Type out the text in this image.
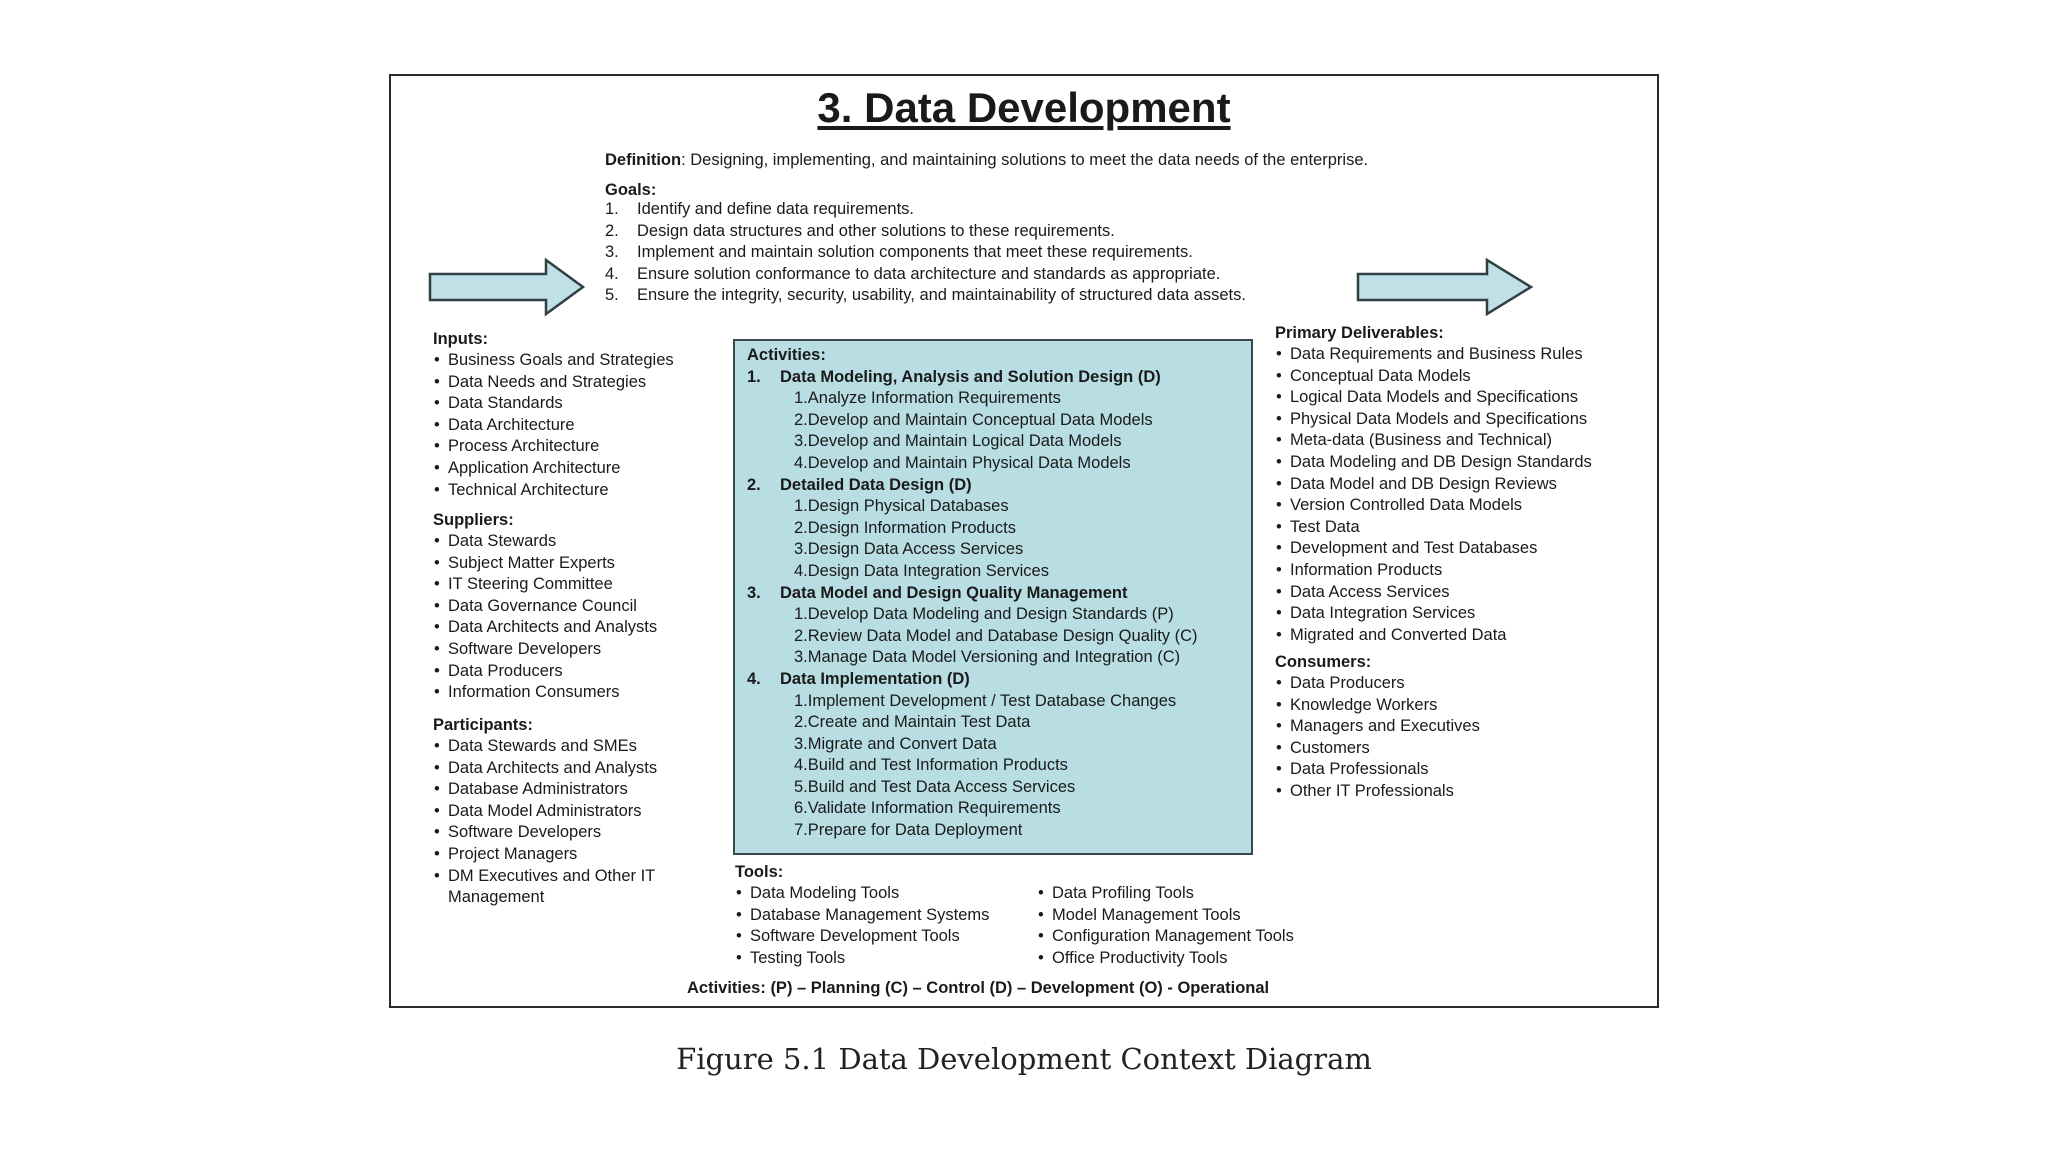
3. Data Development
Definition: Designing, implementing, and maintaining solutions to meet the data needs of the enterprise.
Goals:
1. Identify and define data requirements.
2. Design data structures and other solutions to these requirements.
3. Implement and maintain solution components that meet these requirements.
4. Ensure solution conformance to data architecture and standards as appropriate.
5. Ensure the integrity, security, usability, and maintainability of structured data assets.
Inputs:
• Business Goals and Strategies
• Data Needs and Strategies
• Data Standards
• Data Architecture
• Process Architecture
• Application Architecture
• Technical Architecture
Suppliers:
• Data Stewards
• Subject Matter Experts
• IT Steering Committee
• Data Governance Council
• Data Architects and Analysts
• Software Developers
• Data Producers
• Information Consumers
Participants:
• Data Stewards and SMEs
• Data Architects and Analysts
• Database Administrators
• Data Model Administrators
• Software Developers
• Project Managers
• DM Executives and Other IT
Management
Activities:
1. Data Modeling, Analysis and Solution Design (D)
1.Analyze Information Requirements
2.Develop and Maintain Conceptual Data Models
3.Develop and Maintain Logical Data Models
4.Develop and Maintain Physical Data Models
2. Detailed Data Design (D)
1.Design Physical Databases
2.Design Information Products
3.Design Data Access Services
4.Design Data Integration Services
3. Data Model and Design Quality Management
1.Develop Data Modeling and Design Standards (P)
2.Review Data Model and Database Design Quality (C)
3.Manage Data Model Versioning and Integration (C)
4. Data Implementation (D)
1.Implement Development / Test Database Changes
2.Create and Maintain Test Data
3.Migrate and Convert Data
4.Build and Test Information Products
5.Build and Test Data Access Services
6.Validate Information Requirements
7.Prepare for Data Deployment
Tools:
• Data Modeling Tools
• Database Management Systems
• Software Development Tools
• Testing Tools
• Data Profiling Tools
• Model Management Tools
• Configuration Management Tools
• Office Productivity Tools
Activities: (P) – Planning (C) – Control (D) – Development (O) - Operational
Primary Deliverables:
• Data Requirements and Business Rules
• Conceptual Data Models
• Logical Data Models and Specifications
• Physical Data Models and Specifications
• Meta-data (Business and Technical)
• Data Modeling and DB Design Standards
• Data Model and DB Design Reviews
• Version Controlled Data Models
• Test Data
• Development and Test Databases
• Information Products
• Data Access Services
• Data Integration Services
• Migrated and Converted Data
Consumers:
• Data Producers
• Knowledge Workers
• Managers and Executives
• Customers
• Data Professionals
• Other IT Professionals
Figure 5.1 Data Development Context Diagram
